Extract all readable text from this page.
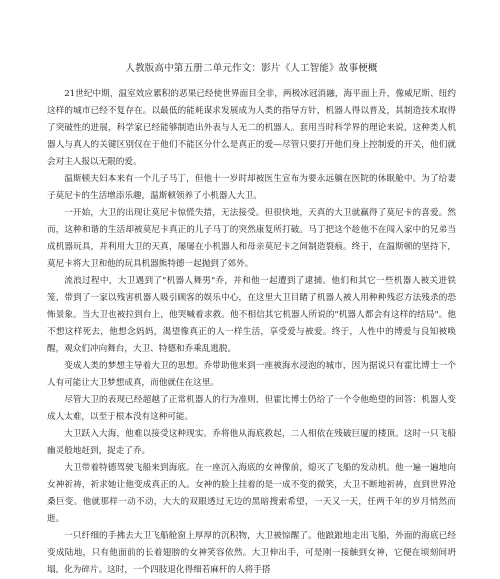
人教版高中第五册二单元作文：影片《人工智能》故事梗概

21世纪中期，温室效应累积的恶果已经使世界面目全非，两极冰冠消融，海平面上升，像威尼斯、纽约这样的城市已经不复存在。以最低的能耗谋求发展成为人类的指导方针，机器人得以普及，其制造技术取得了突破性的进展，科学家已经能够制造出外表与人无二的机器人。套用当时科学界的理论来说，这种类人机器人与真人的关键区别仅在于他们不能区分什么是真正的爱—尽管只要打开他们身上控制爱的开关，他们就会对主人报以无限的爱。

温斯顿夫妇本来有一个儿子马丁，但他十一岁时却被医生宣布为要永远躺在医院的休眠舱中。为了给妻子莫尼卡的生活增添乐趣，温斯顿领养了小机器人大卫。

一开始，大卫的出现让莫尼卡惊慌失措，无法接受。但很快地，天真的大卫就赢得了莫尼卡的喜爱。然而，这种和谐的生活却被莫尼卡真正的儿子马丁的突然康复所打破。马丁把这个趁他不在闯入家中的兄弟当成机器玩具，并利用大卫的天真，屡屡在小机器人和母亲莫尼卡之间制造裂痕。终于，在温斯顿的坚持下，莫尼卡将大卫和他的玩具机器熊特德一起抛到了郊外。

流浪过程中，大卫遇到了"机器人舞男"乔，并和他一起遭到了逮捕。他们和其它一些机器人被关进铁笼，带到了一家以残害机器人吸引顾客的娱乐中心，在这里大卫目睹了机器人被人用种种残忍方法残杀的恐怖景象。当大卫也被拉到台上，他哭喊着求救。他不相信其它机器人所说的"机器人都会有这样的结局"。他不想这样死去，他想念妈妈，渴望像真正的人一样生活，享受爱与被爱。终于，人性中的博爱与良知被唤醒，观众们冲向舞台，大卫、特德和乔乘乱逃脱。

变成人类的梦想主导着大卫的思想。乔带助他来到一座被海水浸泡的城市，因为据说只有霍比博士一个人有可能让大卫梦想成真，而他就住在这里。

尽管大卫的表现已经超越了正常机器人的行为准则，但霍比博士仍给了一个令他绝望的回答：机器人变成人太难，以至于根本没有这种可能。

大卫跃入大海，他难以接受这种现实。乔将他从海底救起，二人相依在残破巨厦的楼顶。这时一只飞船幽灵般地赶到，捉走了乔。

大卫带着特德驾驶飞船来到海底。在一座沉入海底的女神像前，熄灭了飞船的发动机。他一遍一遍地向女神祈祷，祈求她让他变成真正的人。女神的脸上挂着的是一成不变的微笑，大卫不断地祈祷，直到世界沧桑巨变。他就那样一动不动，大大的双眼透过无边的黑暗搜索希望，一天又一天，任两千年的岁月悄然而逝。

一只纤细的手拂去大卫飞船舱窗上厚厚的沉积物，大卫被惊醒了。他踉踉地走出飞船，外面的海底已经变成陆地，只有他面前的长着翅膀的女神笑容依然。大卫伸出手，可是刚一接触到女神，它便在顷刻间坍塌，化为碎片。这时，一个四肢退化得细若麻杆的人将手搭
